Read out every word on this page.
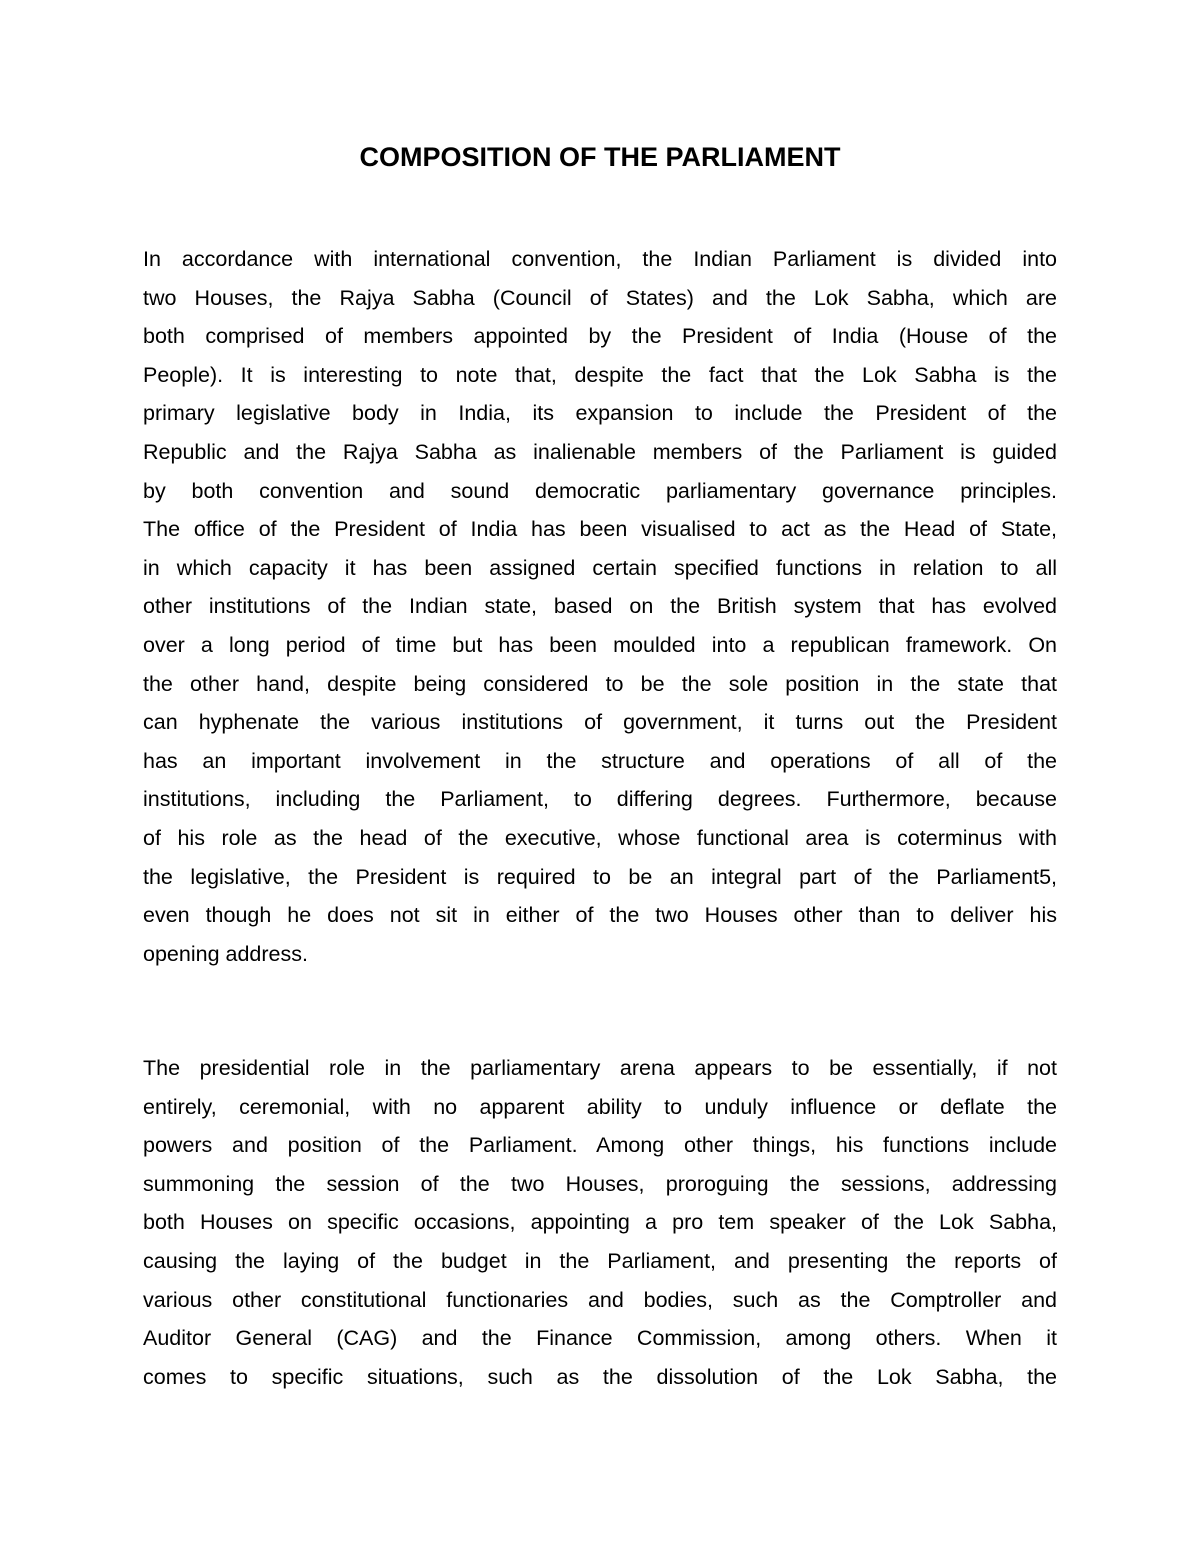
COMPOSITION OF THE PARLIAMENT
In accordance with international convention, the Indian Parliament is divided into
two Houses, the Rajya Sabha (Council of States) and the Lok Sabha, which are
both comprised of members appointed by the President of India (House of the
People). It is interesting to note that, despite the fact that the Lok Sabha is the
primary legislative body in India, its expansion to include the President of the
Republic and the Rajya Sabha as inalienable members of the Parliament is guided
by both convention and sound democratic parliamentary governance principles.
The office of the President of India has been visualised to act as the Head of State,
in which capacity it has been assigned certain specified functions in relation to all
other institutions of the Indian state, based on the British system that has evolved
over a long period of time but has been moulded into a republican framework. On
the other hand, despite being considered to be the sole position in the state that
can hyphenate the various institutions of government, it turns out the President
has an important involvement in the structure and operations of all of the
institutions, including the Parliament, to differing degrees. Furthermore, because
of his role as the head of the executive, whose functional area is coterminus with
the legislative, the President is required to be an integral part of the Parliament5,
even though he does not sit in either of the two Houses other than to deliver his
opening address.
The presidential role in the parliamentary arena appears to be essentially, if not
entirely, ceremonial, with no apparent ability to unduly influence or deflate the
powers and position of the Parliament. Among other things, his functions include
summoning the session of the two Houses, proroguing the sessions, addressing
both Houses on specific occasions, appointing a pro tem speaker of the Lok Sabha,
causing the laying of the budget in the Parliament, and presenting the reports of
various other constitutional functionaries and bodies, such as the Comptroller and
Auditor General (CAG) and the Finance Commission, among others. When it
comes to specific situations, such as the dissolution of the Lok Sabha, the
